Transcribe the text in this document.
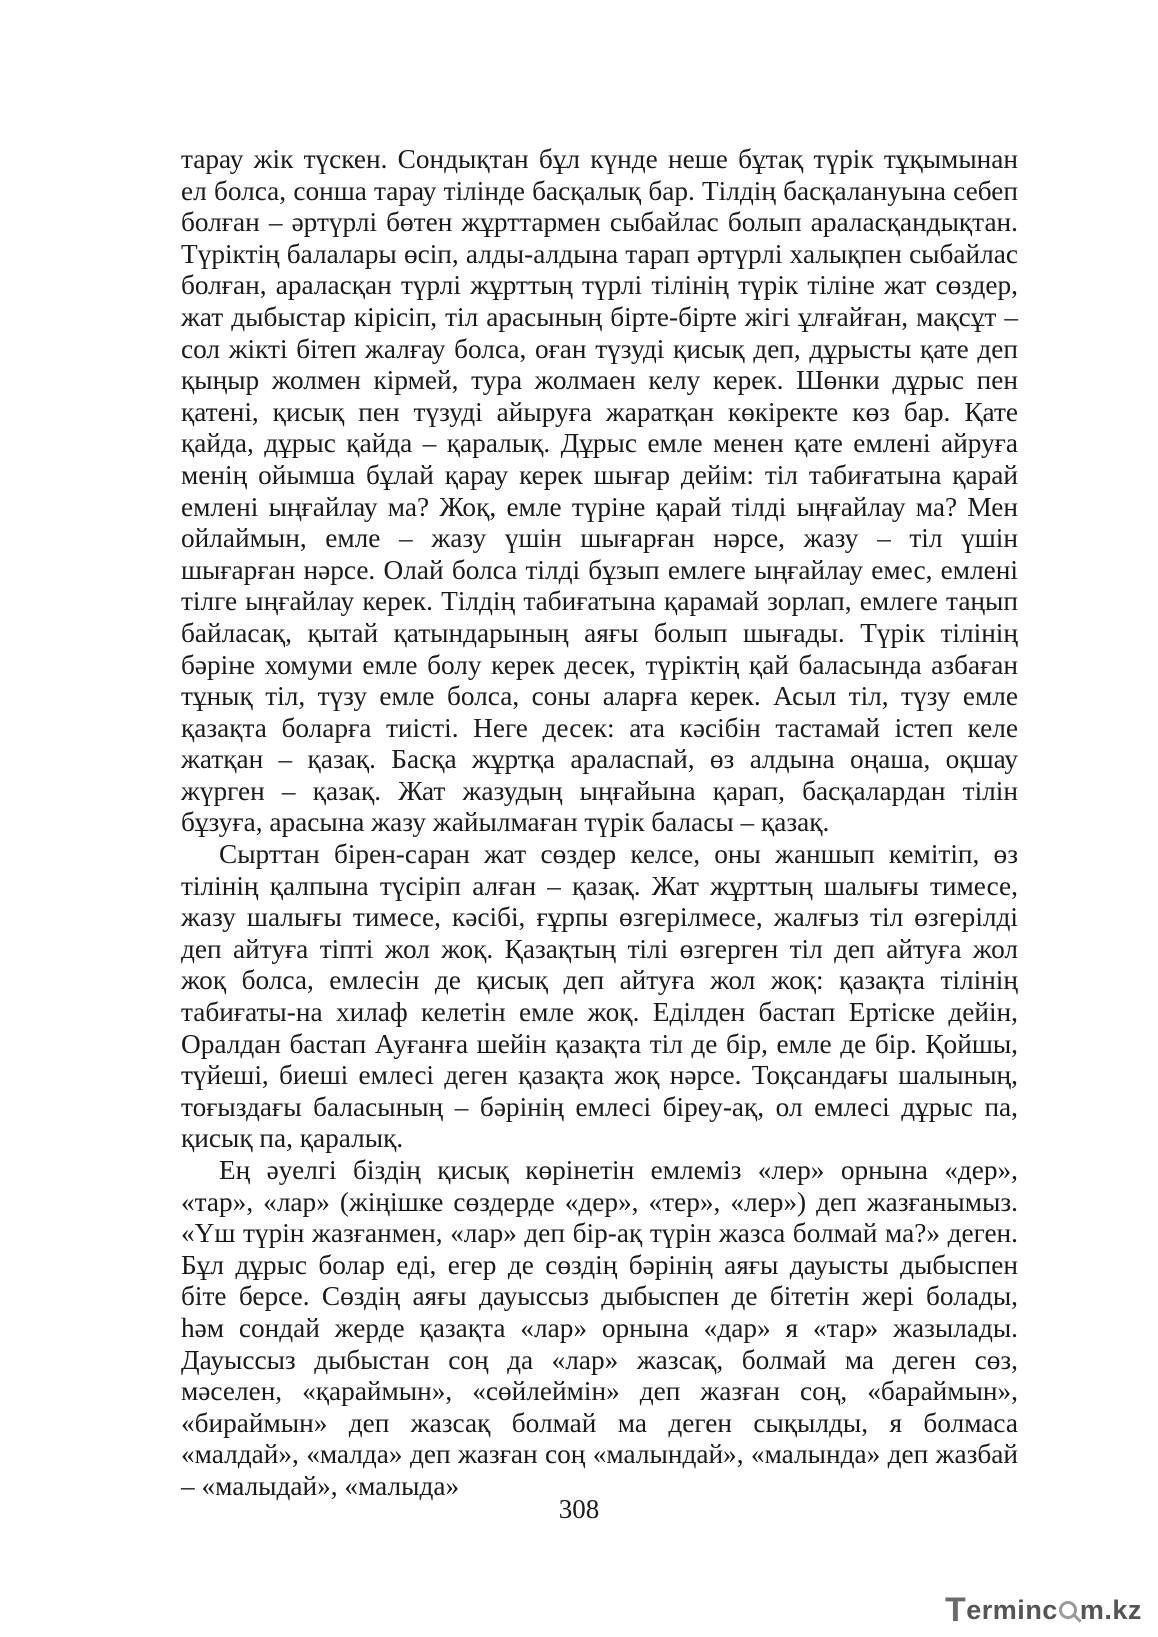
тарау жік түскен. Сондықтан бұл күнде неше бұтақ түрік тұқымынан ел болса, сонша тарау тілінде басқалық бар. Тілдің басқалануына себеп болған – әртүрлі бөтен жұрттармен сыбайлас болып араласқандықтан. Түріктің балалары өсіп, алды-алдына тарап әртүрлі халықпен сыбайлас болған, араласқан түрлі жұрттың түрлі тілінің түрік тіліне жат сөздер, жат дыбыстар кірісіп, тіл арасының бірте-бірте жігі ұлғайған, мақсұт – сол жікті бітеп жалғау болса, оған түзуді қисық деп, дұрысты қате деп қыңыр жолмен кірмей, тура жолмаен келу керек. Шөнки дұрыс пен қатені, қисық пен түзуді айыруға жаратқан көкіректе көз бар. Қате қайда, дұрыс қайда – қаралық. Дұрыс емле менен қате емлені айруға менің ойымша бұлай қарау керек шығар дейім: тіл табиғатына қарай емлені ыңғайлау ма? Жоқ, емле түріне қарай тілді ыңғайлау ма? Мен ойлаймын, емле – жазу үшін шығарған нәрсе, жазу – тіл үшін шығарған нәрсе. Олай болса тілді бұзып емлеге ыңғайлау емес, емлені тілге ыңғайлау керек. Тілдің табиғатына қарамай зорлап, емлеге таңып байласақ, қытай қатындарының аяғы болып шығады. Түрік тілінің бәріне хомуми емле болу керек десек, түріктің қай баласында азбаған тұнық тіл, түзу емле болса, соны аларға керек. Асыл тіл, түзу емле қазақта боларға тиісті. Неге десек: ата кәсібін тастамай істеп келе жатқан – қазақ. Басқа жұртқа араласпай, өз алдына оңаша, оқшау жүрген – қазақ. Жат жазудың ыңғайына қарап, басқалардан тілін бұзуға, арасына жазу жайылмаған түрік баласы – қазақ.

Сырттан бірен-саран жат сөздер келсе, оны жаншып кемітіп, өз тілінің қалпына түсіріп алған – қазақ. Жат жұрттың шалығы тимесе, жазу шалығы тимесе, кәсібі, ғұрпы өзгерілмесе, жалғыз тіл өзгерілді деп айтуға тіпті жол жоқ. Қазақтың тілі өзгерген тіл деп айтуға жол жоқ болса, емлесін де қисық деп айтуға жол жоқ: қазақта тілінің табиғаты-на хилаф келетін емле жоқ. Еділден бастап Ертіске дейін, Оралдан бастап Ауғанға шейін қазақта тіл де бір, емле де бір. Қойшы, түйеші, биеші емлесі деген қазақта жоқ нәрсе. Тоқсандағы шалының, тоғыздағы баласының – бәрінің емлесі біреу-ақ, ол емлесі дұрыс па, қисық па, қаралық.

Ең әуелгі біздің қисық көрінетін емлеміз «лер» орнына «дер», «тар», «лар» (жіңішке сөздерде «дер», «тер», «лер») деп жазғанымыз. «Үш түрін жазғанмен, «лар» деп бір-ақ түрін жазса болмай ма?» деген. Бұл дұрыс болар еді, егер де сөздің бәрінің аяғы дауысты дыбыспен біте берсе. Сөздің аяғы дауыссыз дыбыспен де бітетін жері болады, һәм сондай жерде қазақта «лар» орнына «дар» я «тар» жазылады. Дауыссыз дыбыстан соң да «лар» жазсақ, болмай ма деген сөз, мәселен, «қараймын», «сөйлеймін» деп жазған соң, «бараймын», «бираймын» деп жазсақ болмай ма деген сықылды, я болмаса «малдай», «малда» деп жазған соң «малындай», «малында» деп жазбай – «малыдай», «малыда»

308
T erminc m.kz
